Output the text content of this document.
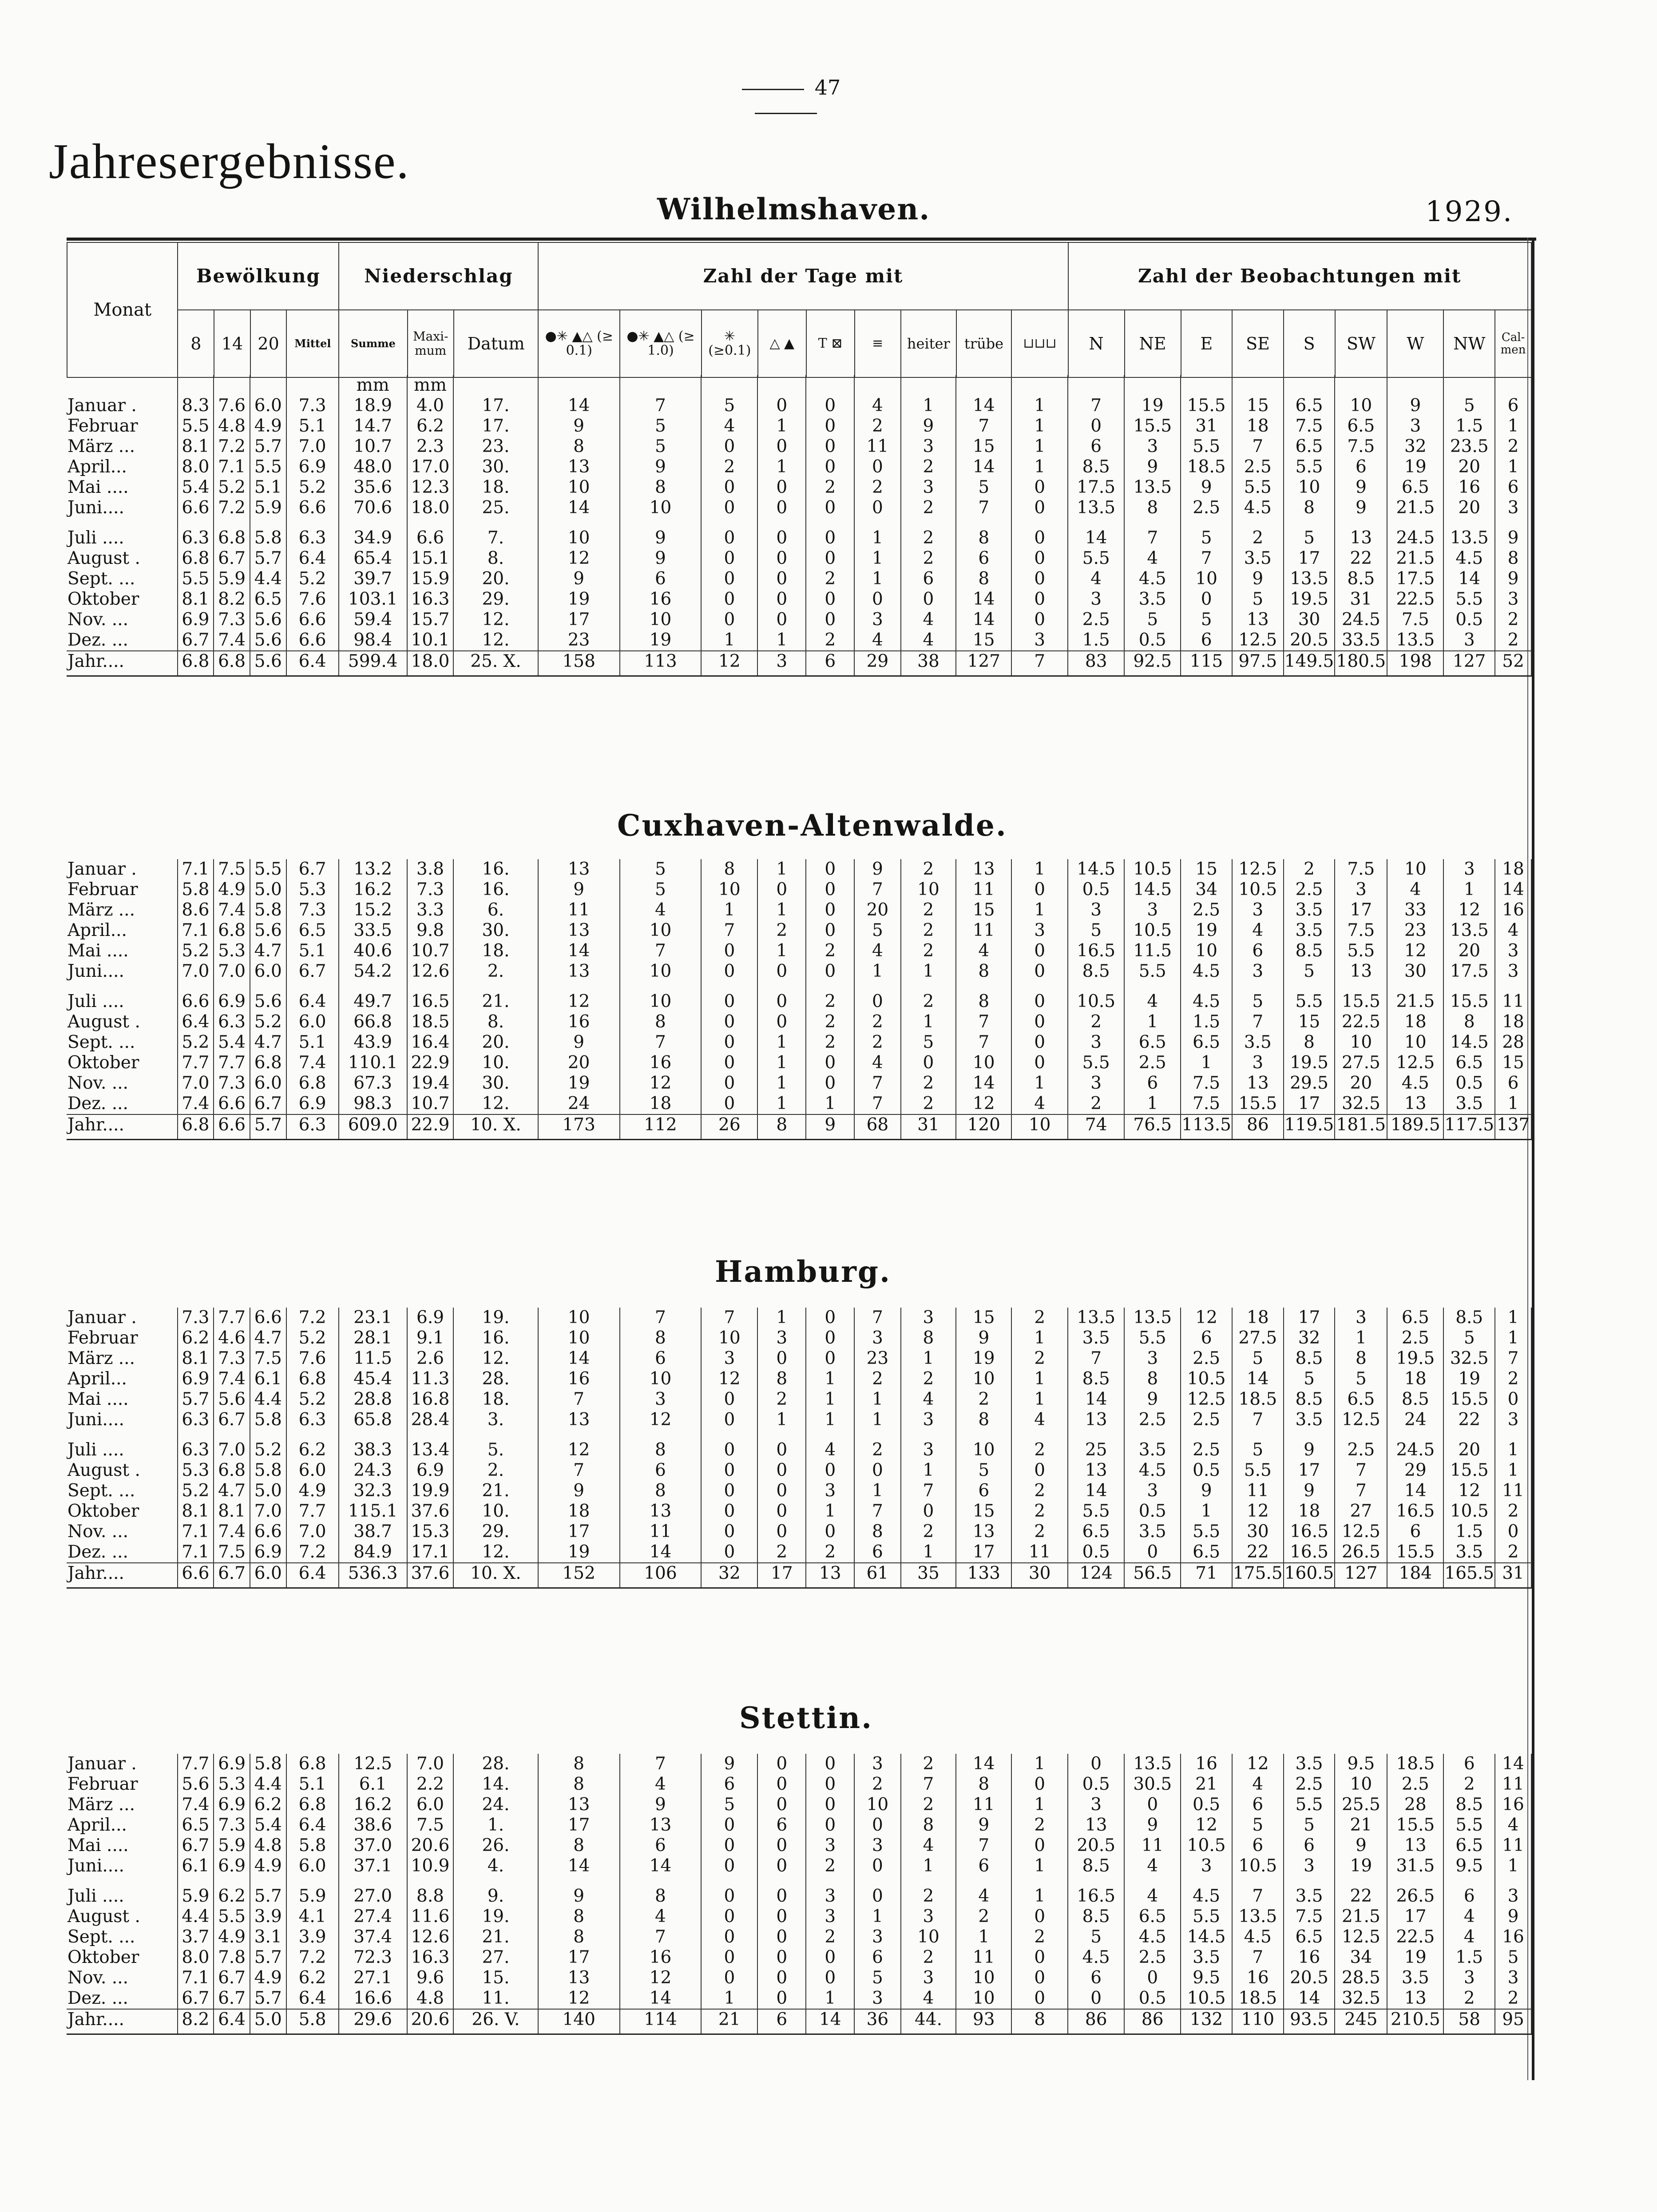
47
Jahresergebnisse.
Wilhelmshaven.	1929.
Monat	Bewölkung				Niederschlag			Zahl der Tage mit									Zahl der Beobachtungen mit								
	8	14	20	Mittel	Summe	Maxi-mum	Datum	●✳ ▲△ (≥ 0.1)	●✳ ▲△ (≥ 1.0)	✳ (≥0.1)	△ ▲	T ⊠	≡	heiter	trübe	⊔⊔⊔	N	NE	E	SE	S	SW	W	NW	Cal-men
Cuxhaven-Altenwalde.
Hamburg.
Stettin.
					mm	mm																			
Januar .	8.3	7.6	6.0	7.3	18.9	4.0	17.	14	7	5	0	0	4	1	14	1	7	19	15.5	15	6.5	10	9	5	6
Februar	5.5	4.8	4.9	5.1	14.7	6.2	17.	9	5	4	1	0	2	9	7	1	0	15.5	31	18	7.5	6.5	3	1.5	1
März ...	8.1	7.2	5.7	7.0	10.7	2.3	23.	8	5	0	0	0	11	3	15	1	6	3	5.5	7	6.5	7.5	32	23.5	2
April...	8.0	7.1	5.5	6.9	48.0	17.0	30.	13	9	2	1	0	0	2	14	1	8.5	9	18.5	2.5	5.5	6	19	20	1
Mai ....	5.4	5.2	5.1	5.2	35.6	12.3	18.	10	8	0	0	2	2	3	5	0	17.5	13.5	9	5.5	10	9	6.5	16	6
Juni....	6.6	7.2	5.9	6.6	70.6	18.0	25.	14	10	0	0	0	0	2	7	0	13.5	8	2.5	4.5	8	9	21.5	20	3

Juli ....	6.3	6.8	5.8	6.3	34.9	6.6	7.	10	9	0	0	0	1	2	8	0	14	7	5	2	5	13	24.5	13.5	9
August .	6.8	6.7	5.7	6.4	65.4	15.1	8.	12	9	0	0	0	1	2	6	0	5.5	4	7	3.5	17	22	21.5	4.5	8
Sept. ...	5.5	5.9	4.4	5.2	39.7	15.9	20.	9	6	0	0	2	1	6	8	0	4	4.5	10	9	13.5	8.5	17.5	14	9
Oktober	8.1	8.2	6.5	7.6	103.1	16.3	29.	19	16	0	0	0	0	0	14	0	3	3.5	0	5	19.5	31	22.5	5.5	3
Nov. ...	6.9	7.3	5.6	6.6	59.4	15.7	12.	17	10	0	0	0	3	4	14	0	2.5	5	5	13	30	24.5	7.5	0.5	2
Dez. ...	6.7	7.4	5.6	6.6	98.4	10.1	12.	23	19	1	1	2	4	4	15	3	1.5	0.5	6	12.5	20.5	33.5	13.5	3	2
Jahr....	6.8	6.8	5.6	6.4	599.4	18.0	25. X.	158	113	12	3	6	29	38	127	7	83	92.5	115	97.5	149.5	180.5	198	127	52

Januar .	7.1	7.5	5.5	6.7	13.2	3.8	16.	13	5	8	1	0	9	2	13	1	14.5	10.5	15	12.5	2	7.5	10	3	18
Februar	5.8	4.9	5.0	5.3	16.2	7.3	16.	9	5	10	0	0	7	10	11	0	0.5	14.5	34	10.5	2.5	3	4	1	14
März ...	8.6	7.4	5.8	7.3	15.2	3.3	6.	11	4	1	1	0	20	2	15	1	3	3	2.5	3	3.5	17	33	12	16
April...	7.1	6.8	5.6	6.5	33.5	9.8	30.	13	10	7	2	0	5	2	11	3	5	10.5	19	4	3.5	7.5	23	13.5	4
Mai ....	5.2	5.3	4.7	5.1	40.6	10.7	18.	14	7	0	1	2	4	2	4	0	16.5	11.5	10	6	8.5	5.5	12	20	3
Juni....	7.0	7.0	6.0	6.7	54.2	12.6	2.	13	10	0	0	0	1	1	8	0	8.5	5.5	4.5	3	5	13	30	17.5	3

Juli ....	6.6	6.9	5.6	6.4	49.7	16.5	21.	12	10	0	0	2	0	2	8	0	10.5	4	4.5	5	5.5	15.5	21.5	15.5	11
August .	6.4	6.3	5.2	6.0	66.8	18.5	8.	16	8	0	0	2	2	1	7	0	2	1	1.5	7	15	22.5	18	8	18
Sept. ...	5.2	5.4	4.7	5.1	43.9	16.4	20.	9	7	0	1	2	2	5	7	0	3	6.5	6.5	3.5	8	10	10	14.5	28
Oktober	7.7	7.7	6.8	7.4	110.1	22.9	10.	20	16	0	1	0	4	0	10	0	5.5	2.5	1	3	19.5	27.5	12.5	6.5	15
Nov. ...	7.0	7.3	6.0	6.8	67.3	19.4	30.	19	12	0	1	0	7	2	14	1	3	6	7.5	13	29.5	20	4.5	0.5	6
Dez. ...	7.4	6.6	6.7	6.9	98.3	10.7	12.	24	18	0	1	1	7	2	12	4	2	1	7.5	15.5	17	32.5	13	3.5	1
Jahr....	6.8	6.6	5.7	6.3	609.0	22.9	10. X.	173	112	26	8	9	68	31	120	10	74	76.5	113.5	86	119.5	181.5	189.5	117.5	137

Januar .	7.3	7.7	6.6	7.2	23.1	6.9	19.	10	7	7	1	0	7	3	15	2	13.5	13.5	12	18	17	3	6.5	8.5	1
Februar	6.2	4.6	4.7	5.2	28.1	9.1	16.	10	8	10	3	0	3	8	9	1	3.5	5.5	6	27.5	32	1	2.5	5	1
März ...	8.1	7.3	7.5	7.6	11.5	2.6	12.	14	6	3	0	0	23	1	19	2	7	3	2.5	5	8.5	8	19.5	32.5	7
April...	6.9	7.4	6.1	6.8	45.4	11.3	28.	16	10	12	8	1	2	2	10	1	8.5	8	10.5	14	5	5	18	19	2
Mai ....	5.7	5.6	4.4	5.2	28.8	16.8	18.	7	3	0	2	1	1	4	2	1	14	9	12.5	18.5	8.5	6.5	8.5	15.5	0
Juni....	6.3	6.7	5.8	6.3	65.8	28.4	3.	13	12	0	1	1	1	3	8	4	13	2.5	2.5	7	3.5	12.5	24	22	3

Juli ....	6.3	7.0	5.2	6.2	38.3	13.4	5.	12	8	0	0	4	2	3	10	2	25	3.5	2.5	5	9	2.5	24.5	20	1
August .	5.3	6.8	5.8	6.0	24.3	6.9	2.	7	6	0	0	0	0	1	5	0	13	4.5	0.5	5.5	17	7	29	15.5	1
Sept. ...	5.2	4.7	5.0	4.9	32.3	19.9	21.	9	8	0	0	3	1	7	6	2	14	3	9	11	9	7	14	12	11
Oktober	8.1	8.1	7.0	7.7	115.1	37.6	10.	18	13	0	0	1	7	0	15	2	5.5	0.5	1	12	18	27	16.5	10.5	2
Nov. ...	7.1	7.4	6.6	7.0	38.7	15.3	29.	17	11	0	0	0	8	2	13	2	6.5	3.5	5.5	30	16.5	12.5	6	1.5	0
Dez. ...	7.1	7.5	6.9	7.2	84.9	17.1	12.	19	14	0	2	2	6	1	17	11	0.5	0	6.5	22	16.5	26.5	15.5	3.5	2
Jahr....	6.6	6.7	6.0	6.4	536.3	37.6	10. X.	152	106	32	17	13	61	35	133	30	124	56.5	71	175.5	160.5	127	184	165.5	31

Januar .	7.7	6.9	5.8	6.8	12.5	7.0	28.	8	7	9	0	0	3	2	14	1	0	13.5	16	12	3.5	9.5	18.5	6	14
Februar	5.6	5.3	4.4	5.1	6.1	2.2	14.	8	4	6	0	0	2	7	8	0	0.5	30.5	21	4	2.5	10	2.5	2	11
März ...	7.4	6.9	6.2	6.8	16.2	6.0	24.	13	9	5	0	0	10	2	11	1	3	0	0.5	6	5.5	25.5	28	8.5	16
April...	6.5	7.3	5.4	6.4	38.6	7.5	1.	17	13	0	6	0	0	8	9	2	13	9	12	5	5	21	15.5	5.5	4
Mai ....	6.7	5.9	4.8	5.8	37.0	20.6	26.	8	6	0	0	3	3	4	7	0	20.5	11	10.5	6	6	9	13	6.5	11
Juni....	6.1	6.9	4.9	6.0	37.1	10.9	4.	14	14	0	0	2	0	1	6	1	8.5	4	3	10.5	3	19	31.5	9.5	1

Juli ....	5.9	6.2	5.7	5.9	27.0	8.8	9.	9	8	0	0	3	0	2	4	1	16.5	4	4.5	7	3.5	22	26.5	6	3
August .	4.4	5.5	3.9	4.1	27.4	11.6	19.	8	4	0	0	3	1	3	2	0	8.5	6.5	5.5	13.5	7.5	21.5	17	4	9
Sept. ...	3.7	4.9	3.1	3.9	37.4	12.6	21.	8	7	0	0	2	3	10	1	2	5	4.5	14.5	4.5	6.5	12.5	22.5	4	16
Oktober	8.0	7.8	5.7	7.2	72.3	16.3	27.	17	16	0	0	0	6	2	11	0	4.5	2.5	3.5	7	16	34	19	1.5	5
Nov. ...	7.1	6.7	4.9	6.2	27.1	9.6	15.	13	12	0	0	0	5	3	10	0	6	0	9.5	16	20.5	28.5	3.5	3	3
Dez. ...	6.7	6.7	5.7	6.4	16.6	4.8	11.	12	14	1	0	1	3	4	10	0	0	0.5	10.5	18.5	14	32.5	13	2	2
Jahr....	8.2	6.4	5.0	5.8	29.6	20.6	26. V.	140	114	21	6	14	36	44.	93	8	86	86	132	110	93.5	245	210.5	58	95
